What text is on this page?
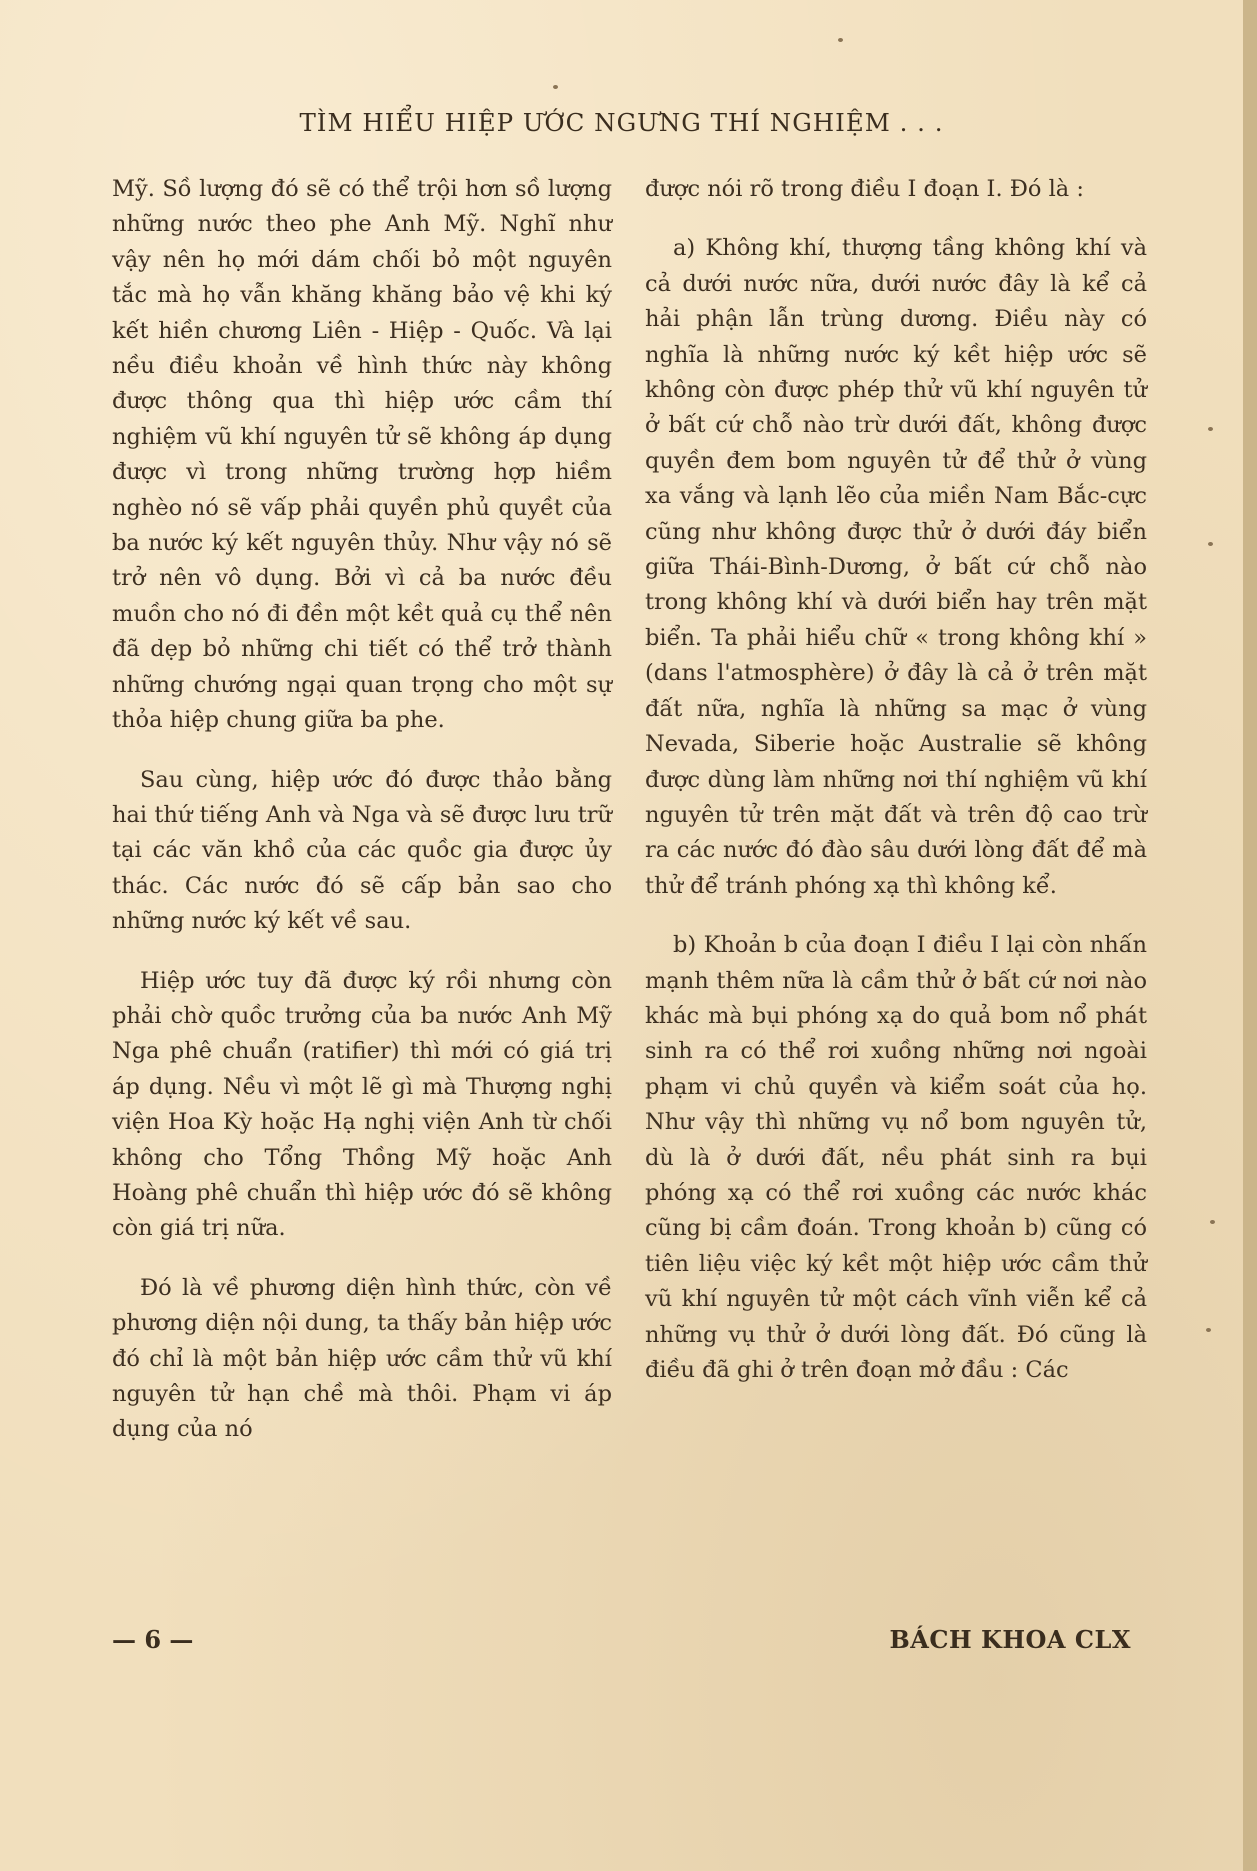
TÌM HIỂU HIỆP ƯỚC NGƯNG THÍ NGHIỆM . . .

Mỹ. Sồ lượng đó sẽ có thể trội hơn sồ lượng những nước theo phe Anh Mỹ. Nghĩ như vậy nên họ mới dám chối bỏ một nguyên tắc mà họ vẫn khăng khăng bảo vệ khi ký kết hiền chương Liên - Hiệp - Quốc. Và lại nều điều khoản về hình thức này không được thông qua thì hiệp ước cầm thí nghiệm vũ khí nguyên tử sẽ không áp dụng được vì trong những trường hợp hiềm nghèo nó sẽ vấp phải quyền phủ quyềt của ba nước ký kết nguyên thủy. Như vậy nó sẽ trở nên vô dụng. Bởi vì cả ba nước đều muồn cho nó đi đền một kềt quả cụ thể nên đã dẹp bỏ những chi tiết có thể trở thành những chướng ngại quan trọng cho một sự thỏa hiệp chung giữa ba phe.

Sau cùng, hiệp ước đó được thảo bằng hai thứ tiếng Anh và Nga và sẽ được lưu trữ tại các văn khồ của các quồc gia được ủy thác. Các nước đó sẽ cấp bản sao cho những nước ký kết về sau.

Hiệp ước tuy đã được ký rồi nhưng còn phải chờ quồc trưởng của ba nước Anh Mỹ Nga phê chuẩn (ratifier) thì mới có giá trị áp dụng. Nều vì một lẽ gì mà Thượng nghị viện Hoa Kỳ hoặc Hạ nghị viện Anh từ chối không cho Tổng Thồng Mỹ hoặc Anh Hoàng phê chuẩn thì hiệp ước đó sẽ không còn giá trị nữa.

Đó là về phương diện hình thức, còn về phương diện nội dung, ta thấy bản hiệp ước đó chỉ là một bản hiệp ước cầm thử vũ khí nguyên tử hạn chề mà thôi. Phạm vi áp dụng của nó

được nói rõ trong điều I đoạn I. Đó là :

a) Không khí, thượng tầng không khí và cả dưới nước nữa, dưới nước đây là kể cả hải phận lẫn trùng dương. Điều này có nghĩa là những nước ký kềt hiệp ước sẽ không còn được phép thử vũ khí nguyên tử ở bất cứ chỗ nào trừ dưới đất, không được quyền đem bom nguyên tử để thử ở vùng xa vắng và lạnh lẽo của miền Nam Bắc-cực cũng như không được thử ở dưới đáy biển giữa Thái-Bình-Dương, ở bất cứ chỗ nào trong không khí và dưới biển hay trên mặt biển. Ta phải hiểu chữ « trong không khí » (dans l'atmosphère) ở đây là cả ở trên mặt đất nữa, nghĩa là những sa mạc ở vùng Nevada, Siberie hoặc Australie sẽ không được dùng làm những nơi thí nghiệm vũ khí nguyên tử trên mặt đất và trên độ cao trừ ra các nước đó đào sâu dưới lòng đất để mà thử để tránh phóng xạ thì không kể.

b) Khoản b của đoạn I điều I lại còn nhấn mạnh thêm nữa là cầm thử ở bất cứ nơi nào khác mà bụi phóng xạ do quả bom nổ phát sinh ra có thể rơi xuồng những nơi ngoài phạm vi chủ quyền và kiểm soát của họ. Như vậy thì những vụ nổ bom nguyên tử, dù là ở dưới đất, nều phát sinh ra bụi phóng xạ có thể rơi xuồng các nước khác cũng bị cầm đoán. Trong khoản b) cũng có tiên liệu việc ký kềt một hiệp ước cầm thử vũ khí nguyên tử một cách vĩnh viễn kể cả những vụ thử ở dưới lòng đất. Đó cũng là điều đã ghi ở trên đoạn mở đầu : Các

— 6 —	BÁCH KHOA CLX
